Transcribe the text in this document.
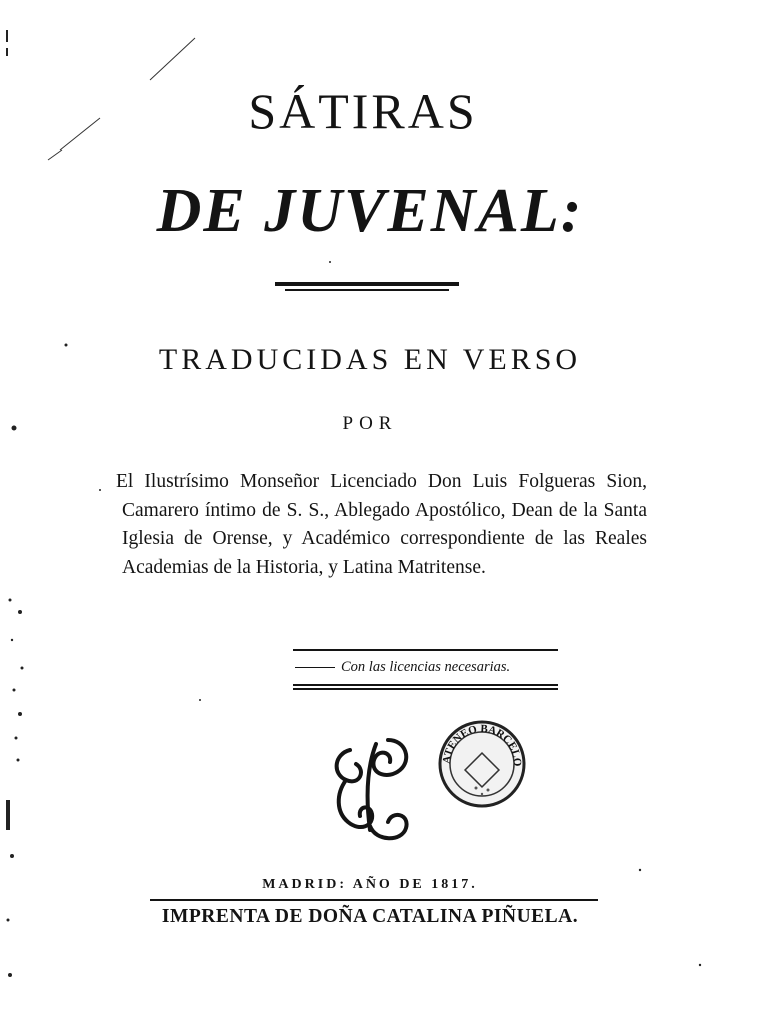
SÁTIRAS
DE JUVENAL:
TRADUCIDAS EN VERSO
POR
El Ilustrísimo Monseñor Licenciado Don Luis Folgueras Sion, Camarero íntimo de S. S., Ablegado Apostólico, Dean de la Santa Iglesia de Orense, y Académico correspondiente de las Reales Academias de la Historia, y Latina Matritense.
Con las licencias necesarias.
ATENEO BARCELO
MADRID: AÑO DE 1817.
IMPRENTA DE DOÑA CATALINA PIÑUELA.
